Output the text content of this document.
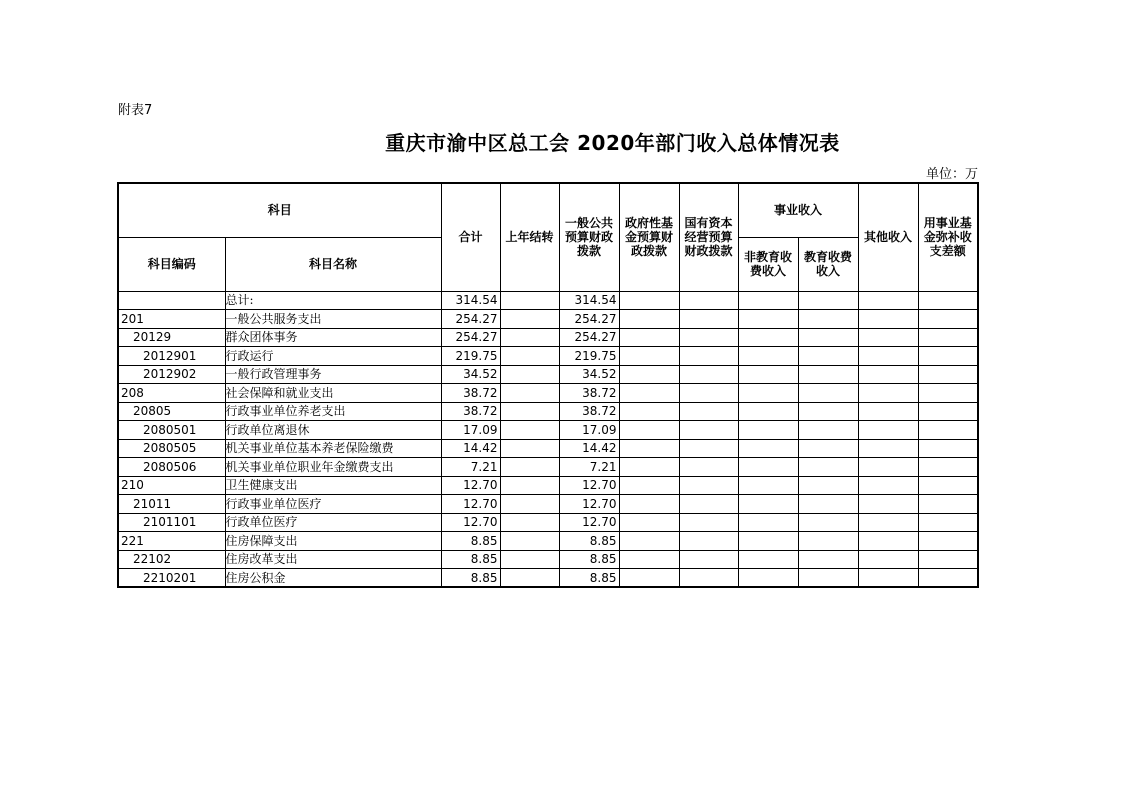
附表7
重庆市渝中区总工会 2020年部门收入总体情况表
单位：万
科目		合计	上年结转	一般公共预算财政拨款	政府性基金预算财政拨款	国有资本经营预算财政拨款	事业收入		其他收入	用事业基金弥补收支差额
科目编码	科目名称						非教育收费收入	教育收费收入		
	总计:	314.54		314.54						
201	一般公共服务支出	254.27		254.27						
20129	群众团体事务	254.27		254.27						
2012901	行政运行	219.75		219.75						
2012902	一般行政管理事务	34.52		34.52						
208	社会保障和就业支出	38.72		38.72						
20805	行政事业单位养老支出	38.72		38.72						
2080501	行政单位离退休	17.09		17.09						
2080505	机关事业单位基本养老保险缴费	14.42		14.42						
2080506	机关事业单位职业年金缴费支出	7.21		7.21						
210	卫生健康支出	12.70		12.70						
21011	行政事业单位医疗	12.70		12.70						
2101101	行政单位医疗	12.70		12.70						
221	住房保障支出	8.85		8.85						
22102	住房改革支出	8.85		8.85						
2210201	住房公积金	8.85		8.85						
